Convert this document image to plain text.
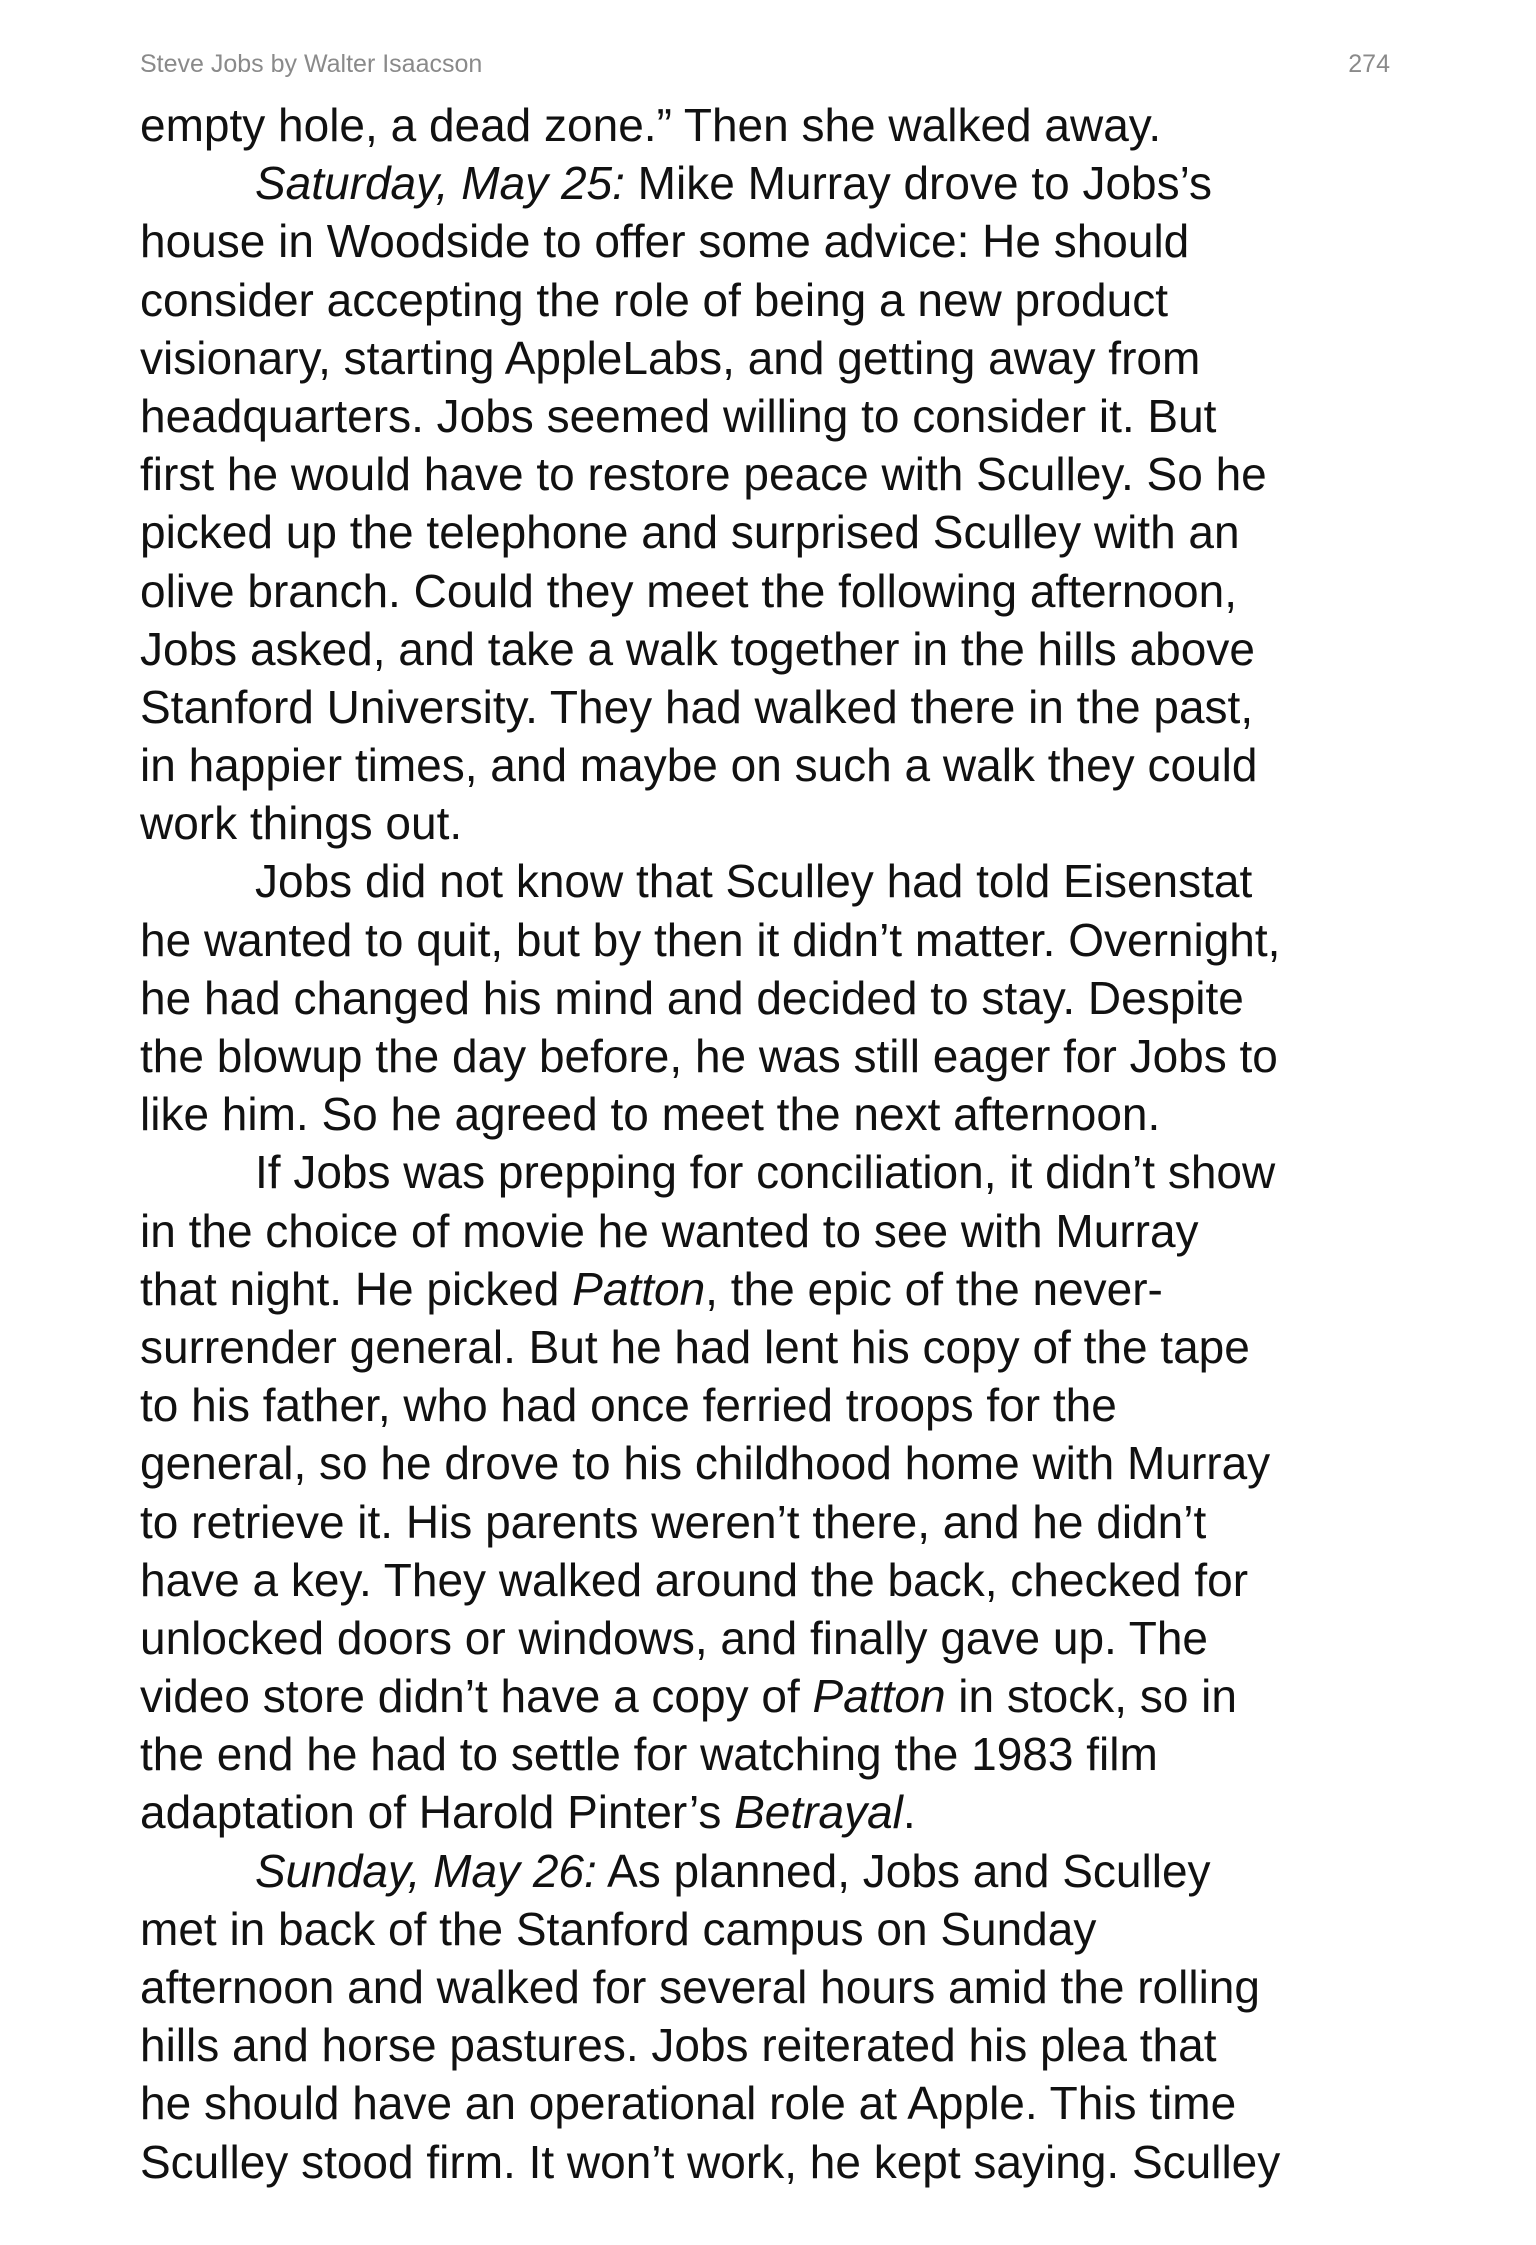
Steve Jobs by Walter Isaacson	274
empty hole, a dead zone.” Then she walked away.
Saturday, May 25: Mike Murray drove to Jobs’s
house in Woodside to offer some advice: He should
consider accepting the role of being a new product
visionary, starting AppleLabs, and getting away from
headquarters. Jobs seemed willing to consider it. But
first he would have to restore peace with Sculley. So he
picked up the telephone and surprised Sculley with an
olive branch. Could they meet the following afternoon,
Jobs asked, and take a walk together in the hills above
Stanford University. They had walked there in the past,
in happier times, and maybe on such a walk they could
work things out.
Jobs did not know that Sculley had told Eisenstat
he wanted to quit, but by then it didn’t matter. Overnight,
he had changed his mind and decided to stay. Despite
the blowup the day before, he was still eager for Jobs to
like him. So he agreed to meet the next afternoon.
If Jobs was prepping for conciliation, it didn’t show
in the choice of movie he wanted to see with Murray
that night. He picked Patton, the epic of the never-
surrender general. But he had lent his copy of the tape
to his father, who had once ferried troops for the
general, so he drove to his childhood home with Murray
to retrieve it. His parents weren’t there, and he didn’t
have a key. They walked around the back, checked for
unlocked doors or windows, and finally gave up. The
video store didn’t have a copy of Patton in stock, so in
the end he had to settle for watching the 1983 film
adaptation of Harold Pinter’s Betrayal.
Sunday, May 26: As planned, Jobs and Sculley
met in back of the Stanford campus on Sunday
afternoon and walked for several hours amid the rolling
hills and horse pastures. Jobs reiterated his plea that
he should have an operational role at Apple. This time
Sculley stood firm. It won’t work, he kept saying. Sculley
